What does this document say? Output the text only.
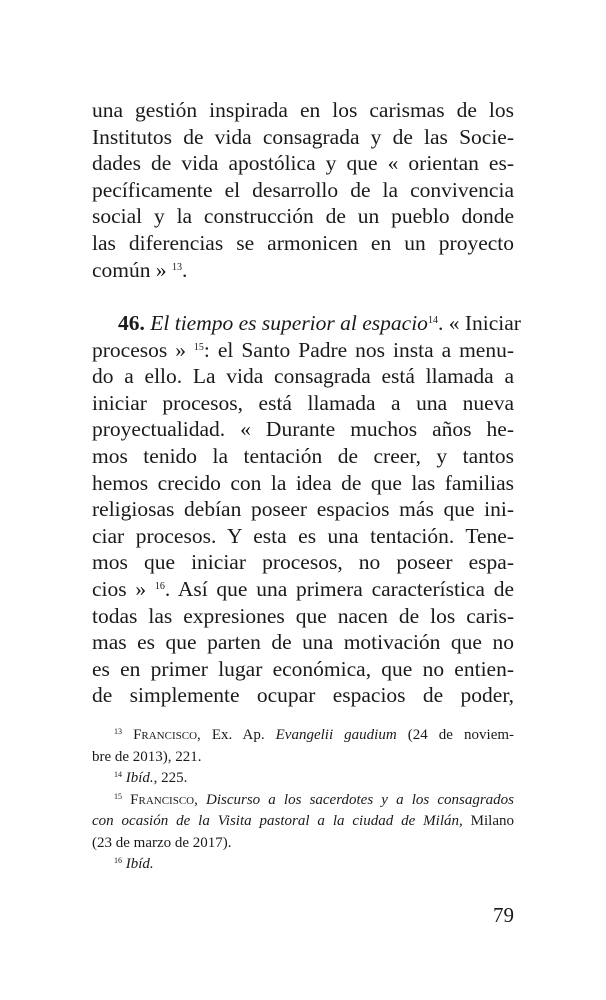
una gestión inspirada en los carismas de los
Institutos de vida consagrada y de las Socie-
dades de vida apostólica y que « orientan es-
pecíficamente el desarrollo de la convivencia
social y la construcción de un pueblo donde
las diferencias se armonicen en un proyecto
común » $^{13}$.
46. El tiempo es superior al espacio$^{14}$. « Iniciar
procesos » $^{15}$: el Santo Padre nos insta a menu-
do a ello. La vida consagrada está llamada a
iniciar procesos, está llamada a una nueva
proyectualidad. « Durante muchos años he-
mos tenido la tentación de creer, y tantos
hemos crecido con la idea de que las familias
religiosas debían poseer espacios más que ini-
ciar procesos. Y esta es una tentación. Tene-
mos que iniciar procesos, no poseer espa-
cios » $^{16}$. Así que una primera característica de
todas las expresiones que nacen de los caris-
mas es que parten de una motivación que no
es en primer lugar económica, que no entien-
de simplemente ocupar espacios de poder,
$^{13}$ Francisco, Ex. Ap. Evangelii gaudium (24 de noviem-
bre de 2013), 221.
$^{14}$ Ibíd., 225.
$^{15}$ Francisco, Discurso a los sacerdotes y a los consagrados
con ocasión de la Visita pastoral a la ciudad de Milán, Milano
(23 de marzo de 2017).
$^{16}$ Ibíd.
79
